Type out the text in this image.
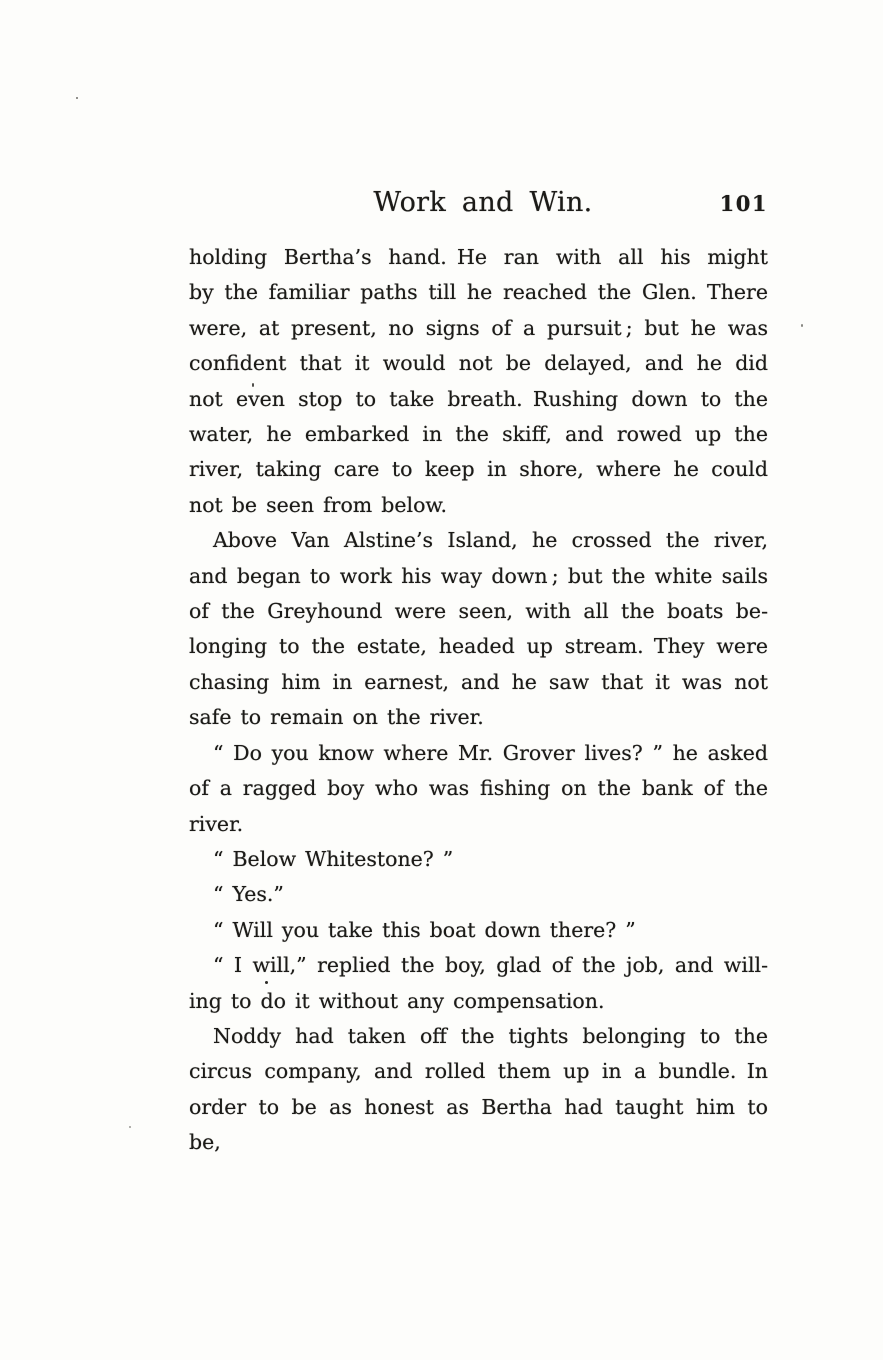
Work and Win.	101
holding Bertha’s hand. He ran with all his might
by the familiar paths till he reached the Glen. There
were, at present, no signs of a pursuit ; but he was
confident that it would not be delayed, and he did
not even stop to take breath. Rushing down to the
water, he embarked in the skiff, and rowed up the
river, taking care to keep in shore, where he could
not be seen from below.
Above Van Alstine’s Island, he crossed the river,
and began to work his way down ; but the white sails
of the Greyhound were seen, with all the boats be-
longing to the estate, headed up stream. They were
chasing him in earnest, and he saw that it was not
safe to remain on the river.
“ Do you know where Mr. Grover lives? ” he asked
of a ragged boy who was fishing on the bank of the
river.
“ Below Whitestone? ”
“ Yes.”
“ Will you take this boat down there? ”
“ I will,” replied the boy, glad of the job, and will-
ing to do it without any compensation.
Noddy had taken off the tights belonging to the
circus company, and rolled them up in a bundle. In
order to be as honest as Bertha had taught him to be,
